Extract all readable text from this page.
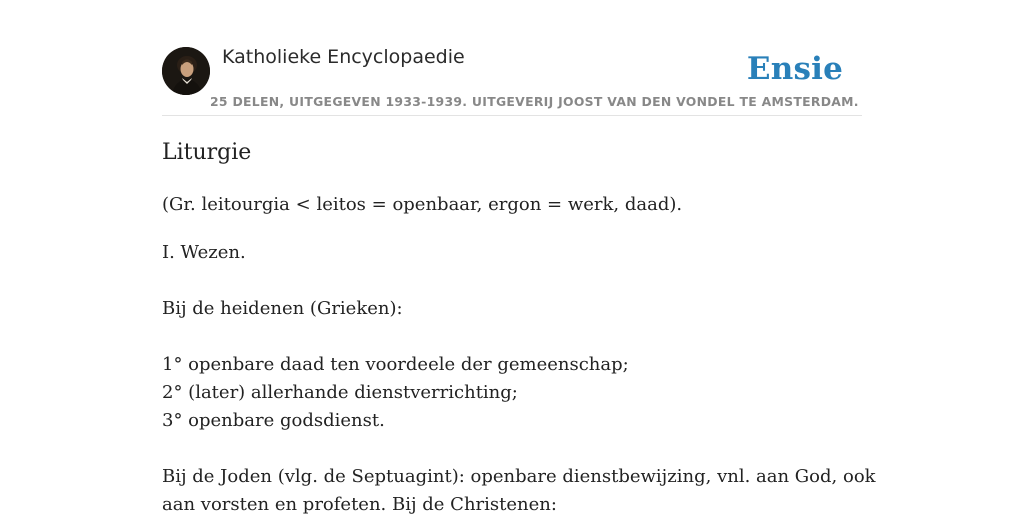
Katholieke Encyclopaedie	Ensie
25 DELEN, UITGEGEVEN 1933-1939. UITGEVERIJ JOOST VAN DEN VONDEL TE AMSTERDAM.
Liturgie

(Gr. leitourgia < leitos = openbaar, ergon = werk, daad).

I. Wezen.
Bij de heidenen (Grieken):
1° openbare daad ten voordeele der gemeenschap;
2° (later) allerhande dienstverrichting;
3° openbare godsdienst.
Bij de Joden (vlg. de Septuagint): openbare dienstbewijzing, vnl. aan God, ook
aan vorsten en profeten. Bij de Christenen:
